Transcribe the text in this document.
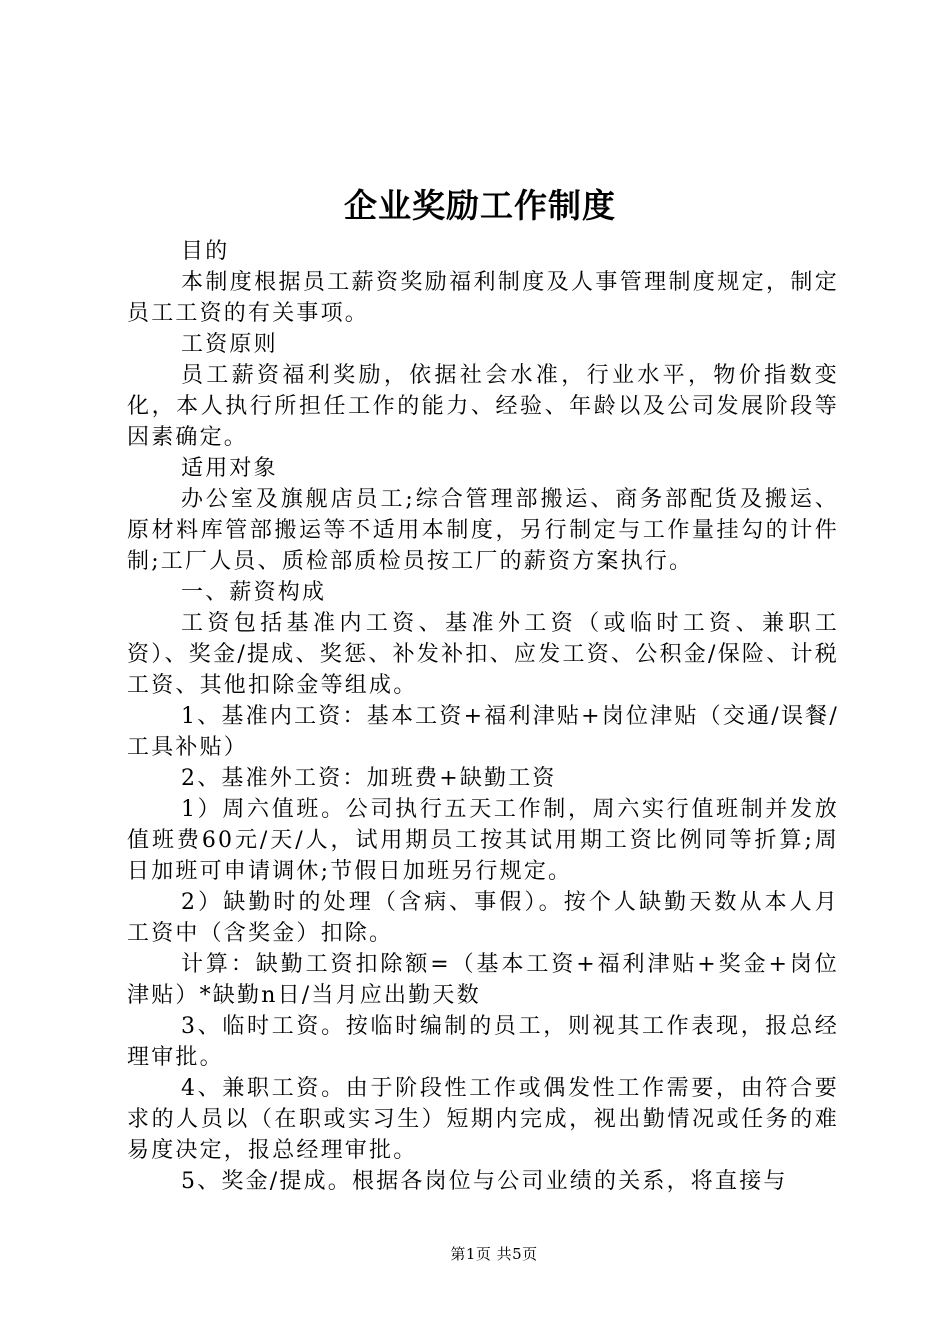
企业奖励工作制度

目的

本制度根据员工薪资奖励福利制度及人事管理制度规定，制定员工工资的有关事项。

工资原则

员工薪资福利奖励，依据社会水准，行业水平，物价指数变化，本人执行所担任工作的能力、经验、年龄以及公司发展阶段等因素确定。

适用对象

办公室及旗舰店员工;综合管理部搬运、商务部配货及搬运、原材料库管部搬运等不适用本制度，另行制定与工作量挂勾的计件制;工厂人员、质检部质检员按工厂的薪资方案执行。

一、薪资构成

工资包括基准内工资、基准外工资（或临时工资、兼职工资）、奖金/提成、奖惩、补发补扣、应发工资、公积金/保险、计税工资、其他扣除金等组成。

1、基准内工资：基本工资+福利津贴+岗位津贴（交通/误餐/工具补贴）

2、基准外工资：加班费+缺勤工资

1）周六值班。公司执行五天工作制，周六实行值班制并发放值班费60元/天/人，试用期员工按其试用期工资比例同等折算;周日加班可申请调休;节假日加班另行规定。

2）缺勤时的处理（含病、事假）。按个人缺勤天数从本人月工资中（含奖金）扣除。

计算：缺勤工资扣除额=（基本工资+福利津贴+奖金+岗位津贴）*缺勤n日/当月应出勤天数

3、临时工资。按临时编制的员工，则视其工作表现，报总经理审批。

4、兼职工资。由于阶段性工作或偶发性工作需要，由符合要求的人员以（在职或实习生）短期内完成，视出勤情况或任务的难易度决定，报总经理审批。

5、奖金/提成。根据各岗位与公司业绩的关系，将直接与

第1页 共5页
